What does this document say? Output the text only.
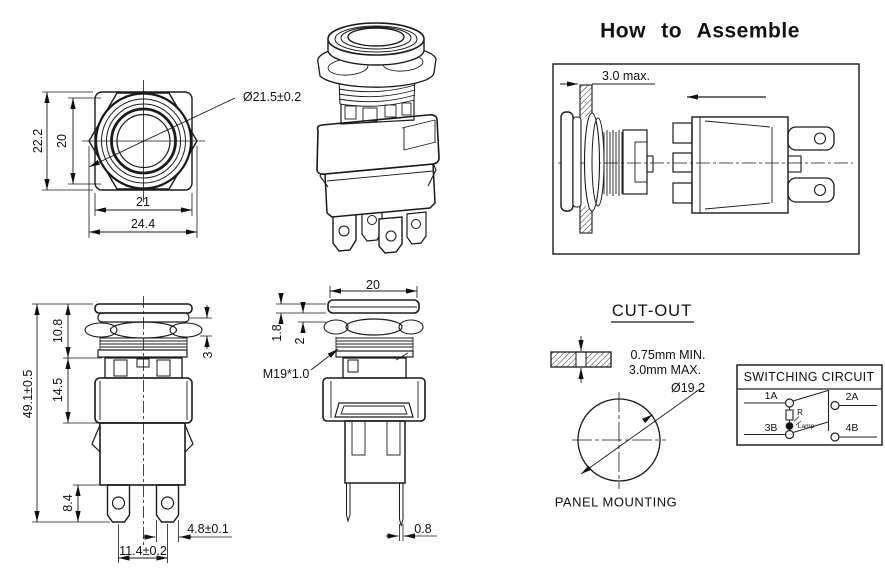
22.2 20
21
24.4
Ø21.5±0.2
How to Assemble
3.0 max.
49.1±0.5
10.8
14.5
8.4
3
4.8±0.1
11.4±0.2
20
1.8 2
M19*1.0
0.8
CUT-OUT
0.75mm MIN.
3.0mm MAX.
Ø19.2
PANEL MOUNTING
SWITCHING CIRCUIT
1A	2A
3B	4B
R
Lamp
